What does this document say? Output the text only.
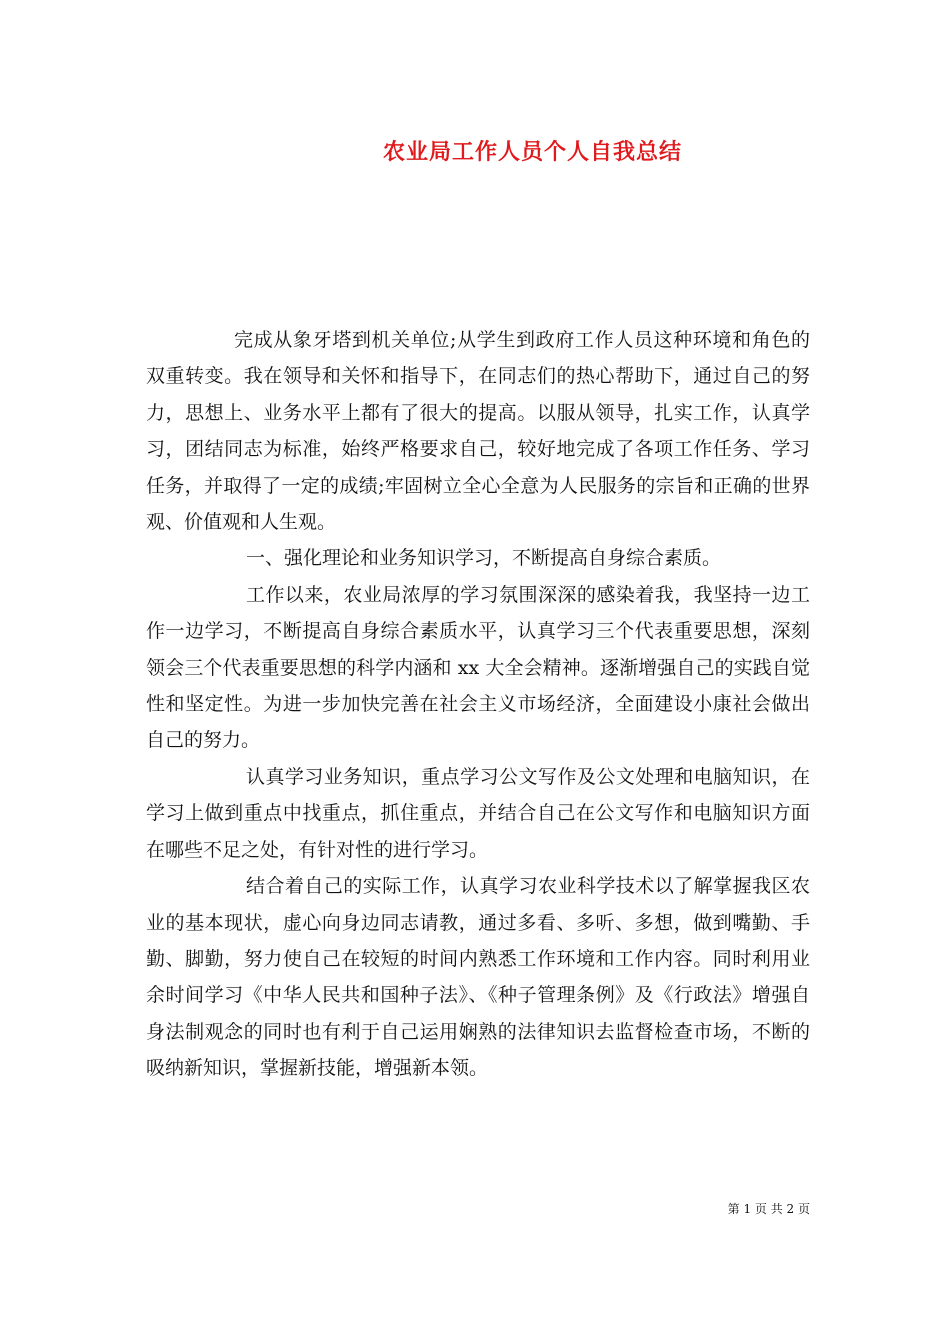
农业局工作人员个人自我总结

完成从象牙塔到机关单位;从学生到政府工作人员这种环境和角色的双重转变。我在领导和关怀和指导下，在同志们的热心帮助下，通过自己的努力，思想上、业务水平上都有了很大的提高。以服从领导，扎实工作，认真学习，团结同志为标准，始终严格要求自己，较好地完成了各项工作任务、学习任务，并取得了一定的成绩;牢固树立全心全意为人民服务的宗旨和正确的世界观、价值观和人生观。

一、强化理论和业务知识学习，不断提高自身综合素质。

工作以来，农业局浓厚的学习氛围深深的感染着我，我坚持一边工作一边学习，不断提高自身综合素质水平，认真学习三个代表重要思想，深刻领会三个代表重要思想的科学内涵和 xx 大全会精神。逐渐增强自己的实践自觉性和坚定性。为进一步加快完善在社会主义市场经济，全面建设小康社会做出自己的努力。

认真学习业务知识，重点学习公文写作及公文处理和电脑知识，在学习上做到重点中找重点，抓住重点，并结合自己在公文写作和电脑知识方面在哪些不足之处，有针对性的进行学习。

结合着自己的实际工作，认真学习农业科学技术以了解掌握我区农业的基本现状，虚心向身边同志请教，通过多看、多听、多想，做到嘴勤、手勤、脚勤，努力使自己在较短的时间内熟悉工作环境和工作内容。同时利用业余时间学习《中华人民共和国种子法》、《种子管理条例》及《行政法》增强自身法制观念的同时也有利于自己运用娴熟的法律知识去监督检查市场，不断的吸纳新知识，掌握新技能，增强新本领。

第 1 页 共 2 页
